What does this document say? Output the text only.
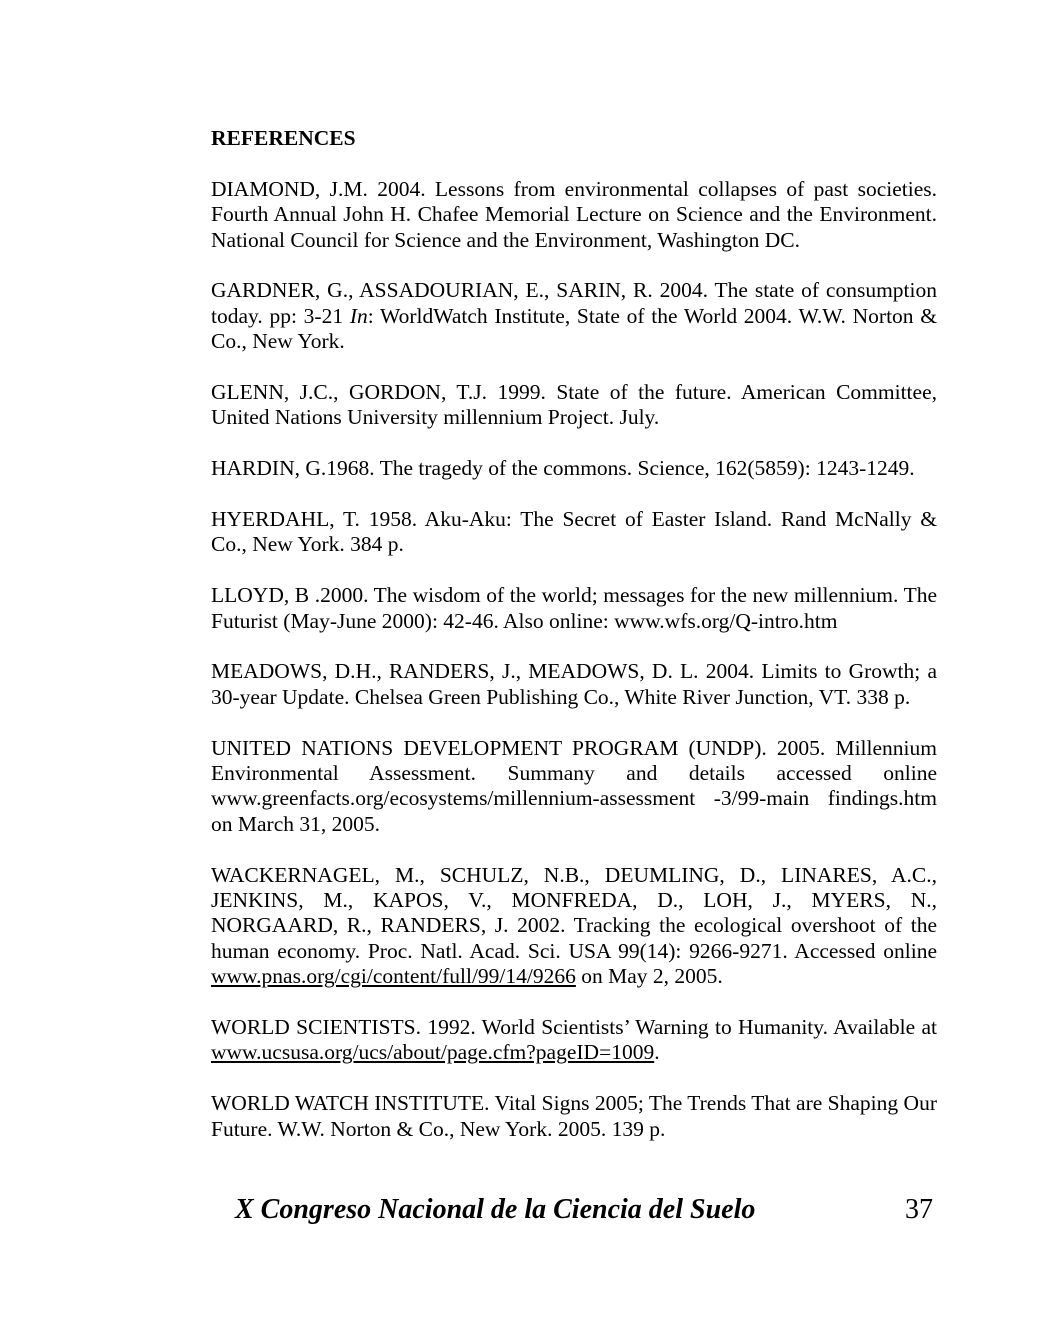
REFERENCES

DIAMOND, J.M. 2004. Lessons from environmental collapses of past societies. Fourth Annual John H. Chafee Memorial Lecture on Science and the Environment. National Council for Science and the Environment, Washington DC.

GARDNER, G., ASSADOURIAN, E., SARIN, R. 2004. The state of consumption today. pp: 3-21 In: WorldWatch Institute, State of the World 2004. W.W. Norton & Co., New York.

GLENN, J.C., GORDON, T.J. 1999. State of the future. American Committee, United Nations University millennium Project. July.

HARDIN, G.1968. The tragedy of the commons. Science, 162(5859): 1243-1249.

HYERDAHL, T. 1958. Aku-Aku: The Secret of Easter Island. Rand McNally & Co., New York. 384 p.

LLOYD, B .2000. The wisdom of the world; messages for the new millennium. The Futurist (May-June 2000): 42-46. Also online: www.wfs.org/Q-intro.htm

MEADOWS, D.H., RANDERS, J., MEADOWS, D. L. 2004. Limits to Growth; a 30-year Update. Chelsea Green Publishing Co., White River Junction, VT. 338 p.

UNITED NATIONS DEVELOPMENT PROGRAM (UNDP). 2005. Millennium Environmental Assessment. Summany and details accessed online www.greenfacts.org/ecosystems/millennium-assessment -3/99-main findings.htm on March 31, 2005.

WACKERNAGEL, M., SCHULZ, N.B., DEUMLING, D., LINARES, A.C., JENKINS, M., KAPOS, V., MONFREDA, D., LOH, J., MYERS, N., NORGAARD, R., RANDERS, J. 2002. Tracking the ecological overshoot of the human economy. Proc. Natl. Acad. Sci. USA 99(14): 9266-9271. Accessed online www.pnas.org/cgi/content/full/99/14/9266 on May 2, 2005.

WORLD SCIENTISTS. 1992. World Scientists’ Warning to Humanity. Available at www.ucsusa.org/ucs/about/page.cfm?pageID=1009.

WORLD WATCH INSTITUTE. Vital Signs 2005; The Trends That are Shaping Our Future. W.W. Norton & Co., New York. 2005. 139 p.

X Congreso Nacional de la Ciencia del Suelo	37
